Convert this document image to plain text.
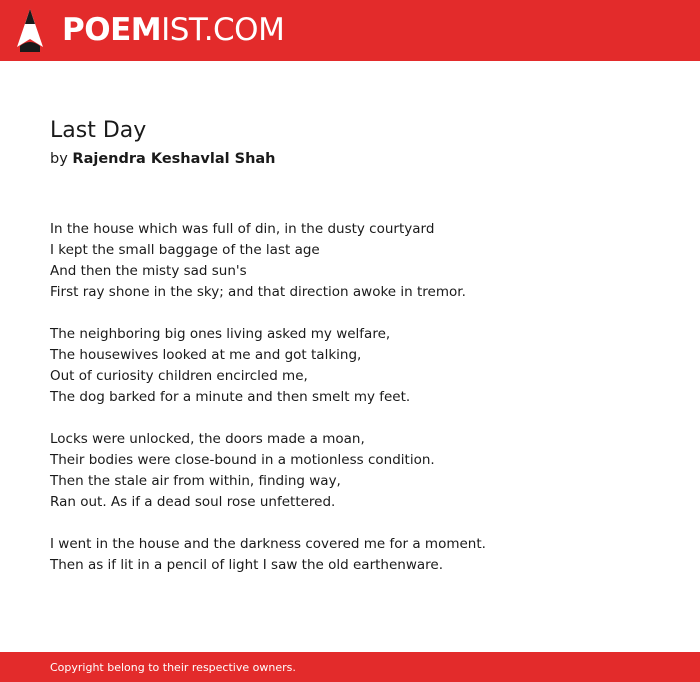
POEMIST.COM
Last Day
by Rajendra Keshavlal Shah
In the house which was full of din, in the dusty courtyard
I kept the small baggage of the last age
And then the misty sad sun's
First ray shone in the sky; and that direction awoke in tremor.
The neighboring big ones living asked my welfare,
The housewives looked at me and got talking,
Out of curiosity children encircled me,
The dog barked for a minute and then smelt my feet.
Locks were unlocked, the doors made a moan,
Their bodies were close-bound in a motionless condition.
Then the stale air from within, finding way,
Ran out. As if a dead soul rose unfettered.
I went in the house and the darkness covered me for a moment.
Then as if lit in a pencil of light I saw the old earthenware.
Copyright belong to their respective owners.
